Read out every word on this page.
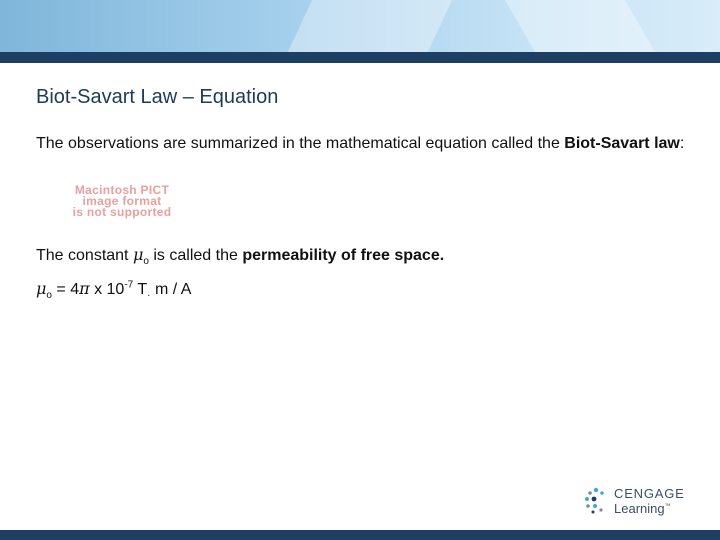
Biot-Savart Law – Equation
The observations are summarized in the mathematical equation called the Biot-Savart law:
Macintosh PICT
image format
is not supported
The constant $\mu_o$ is called the permeability of free space.
$\mu_o = 4\pi$ x $10^{-7}$ $T_\cdot$ m / A
CENGAGE
Learning™
